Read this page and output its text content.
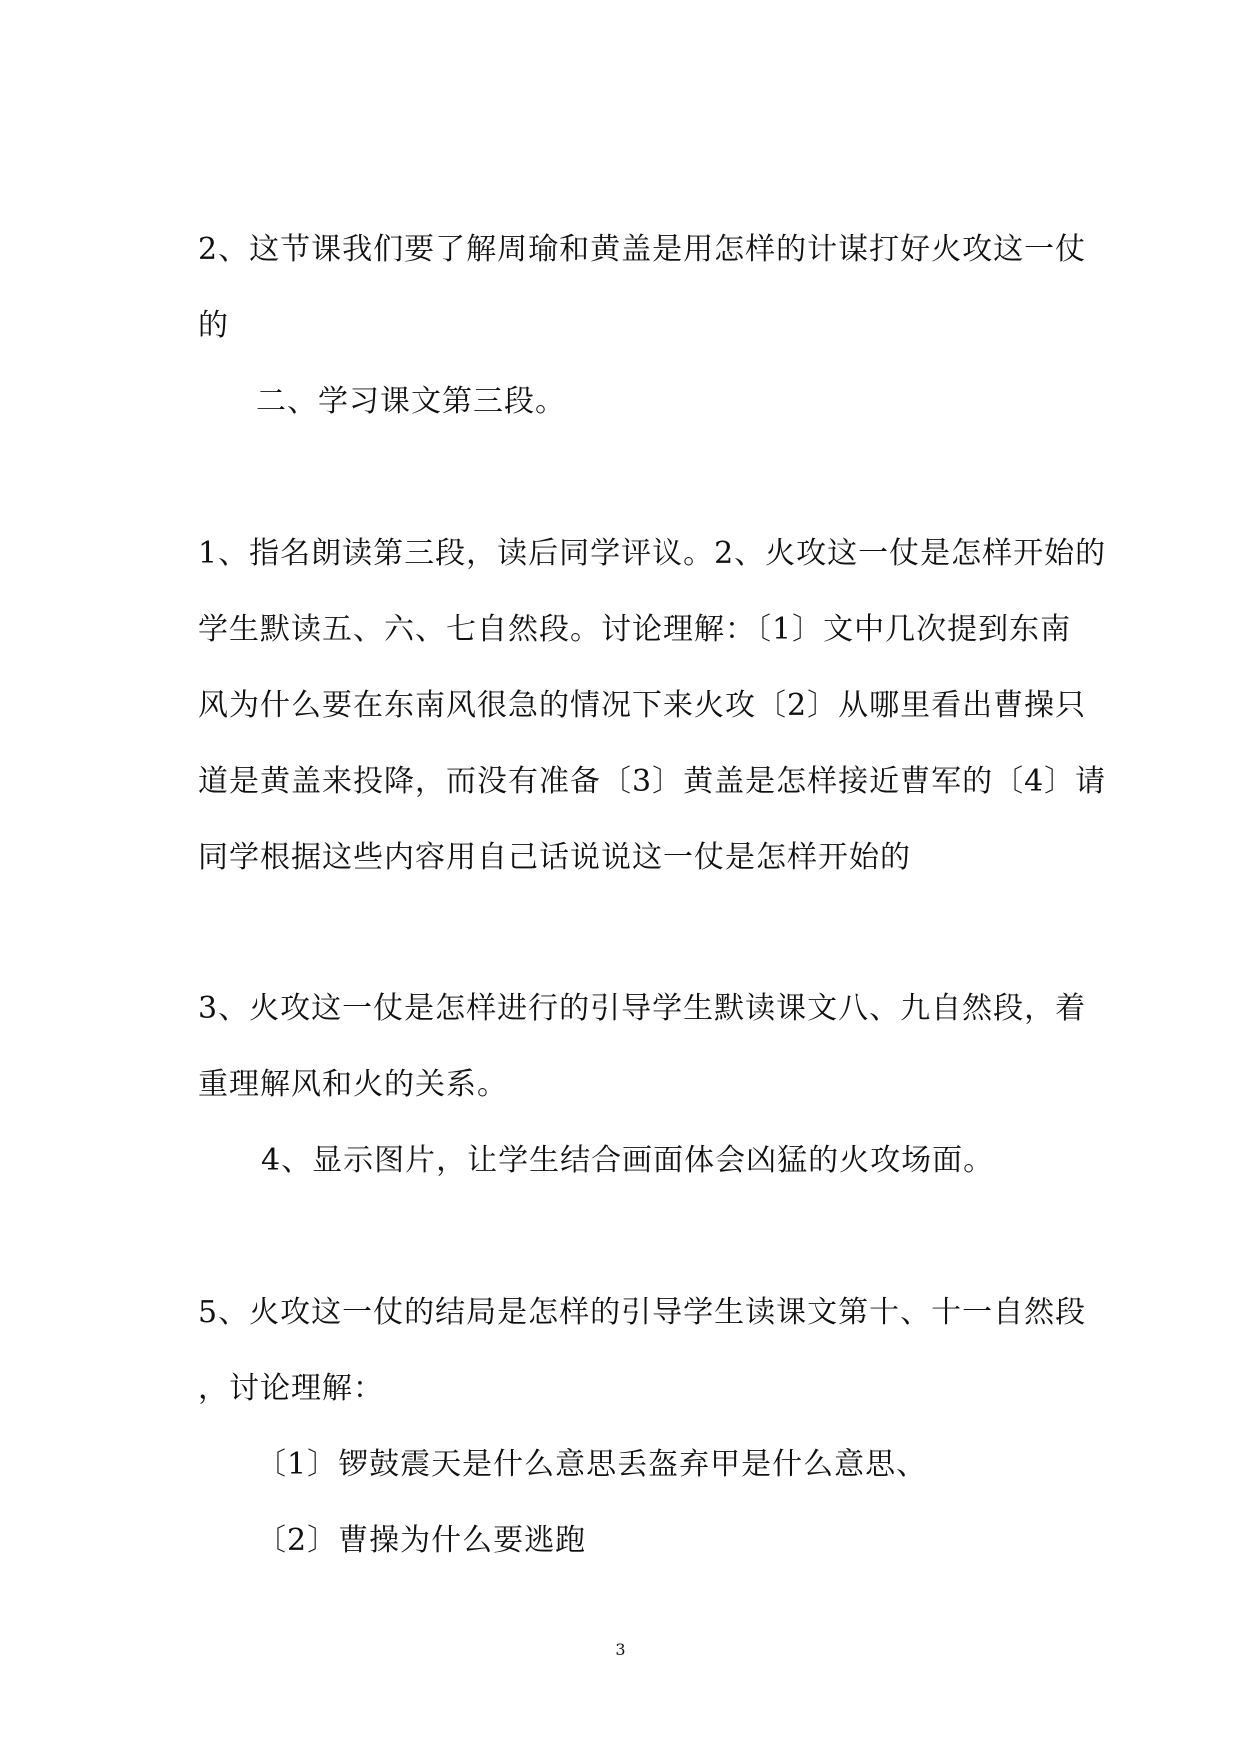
2、这节课我们要了解周瑜和黄盖是用怎样的计谋打好火攻这一仗
的
二、学习课文第三段。
1、指名朗读第三段，读后同学评议。2、火攻这一仗是怎样开始的
学生默读五、六、七自然段。讨论理解：〔1〕文中几次提到东南
风为什么要在东南风很急的情况下来火攻〔2〕从哪里看出曹操只
道是黄盖来投降，而没有准备〔3〕黄盖是怎样接近曹军的〔4〕请
同学根据这些内容用自己话说说这一仗是怎样开始的
3、火攻这一仗是怎样进行的引导学生默读课文八、九自然段，着
重理解风和火的关系。
4、显示图片，让学生结合画面体会凶猛的火攻场面。
5、火攻这一仗的结局是怎样的引导学生读课文第十、十一自然段
，讨论理解：
〔1〕锣鼓震天是什么意思丢盔弃甲是什么意思、
〔2〕曹操为什么要逃跑
3
